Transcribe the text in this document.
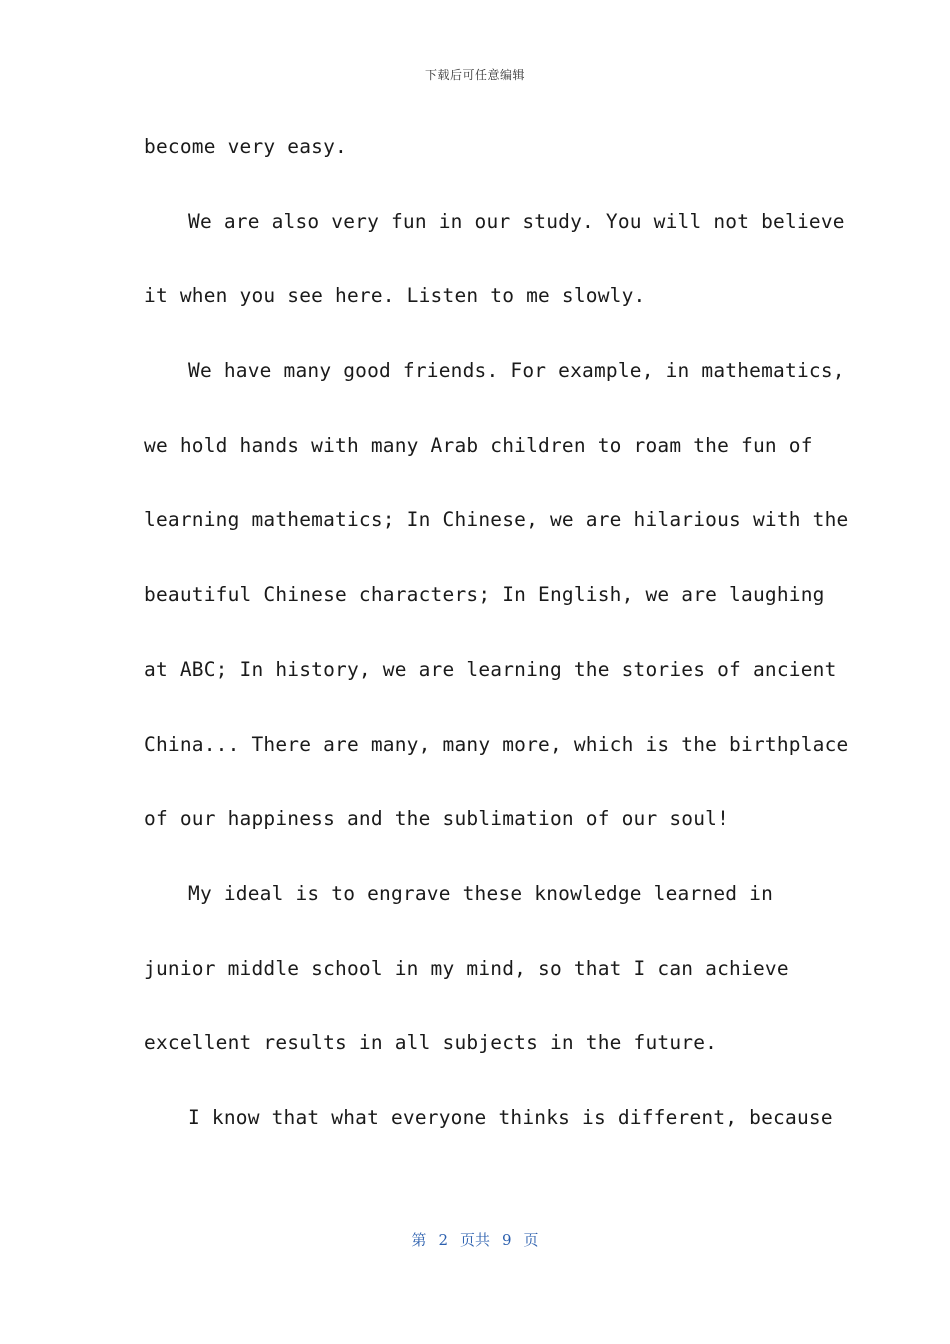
下载后可任意编辑
become very easy.
We are also very fun in our study. You will not believe
it when you see here. Listen to me slowly.
We have many good friends. For example, in mathematics,
we hold hands with many Arab children to roam the fun of
learning mathematics; In Chinese, we are hilarious with the
beautiful Chinese characters; In English, we are laughing
at ABC; In history, we are learning the stories of ancient
China... There are many, many more, which is the birthplace
of our happiness and the sublimation of our soul!
My ideal is to engrave these knowledge learned in
junior middle school in my mind, so that I can achieve
excellent results in all subjects in the future.
I know that what everyone thinks is different, because
第 2 页共 9 页
